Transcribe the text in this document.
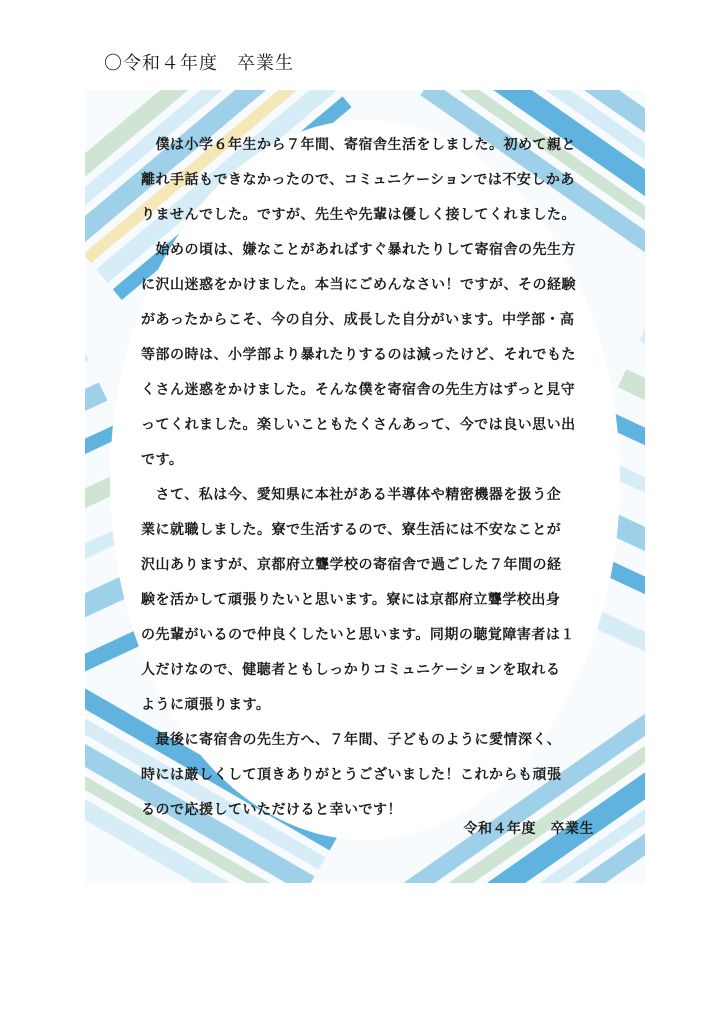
〇令和４年度　卒業生
　僕は小学６年生から７年間、寄宿舎生活をしました。初めて親と
離れ手話もできなかったので、コミュニケーションでは不安しかあ
りませんでした。ですが、先生や先輩は優しく接してくれました。
　始めの頃は、嫌なことがあればすぐ暴れたりして寄宿舎の先生方
に沢山迷惑をかけました。本当にごめんなさい！ですが、その経験
があったからこそ、今の自分、成長した自分がいます。中学部・高
等部の時は、小学部より暴れたりするのは減ったけど、それでもた
くさん迷惑をかけました。そんな僕を寄宿舎の先生方はずっと見守
ってくれました。楽しいこともたくさんあって、今では良い思い出
です。
　さて、私は今、愛知県に本社がある半導体や精密機器を扱う企
業に就職しました。寮で生活するので、寮生活には不安なことが
沢山ありますが、京都府立聾学校の寄宿舎で過ごした７年間の経
験を活かして頑張りたいと思います。寮には京都府立聾学校出身
の先輩がいるので仲良くしたいと思います。同期の聴覚障害者は１
人だけなので、健聴者ともしっかりコミュニケーションを取れる
ように頑張ります。
　最後に寄宿舎の先生方へ、７年間、子どものように愛情深く、
時には厳しくして頂きありがとうございました！これからも頑張
るので応援していただけると幸いです！
令和４年度　卒業生
